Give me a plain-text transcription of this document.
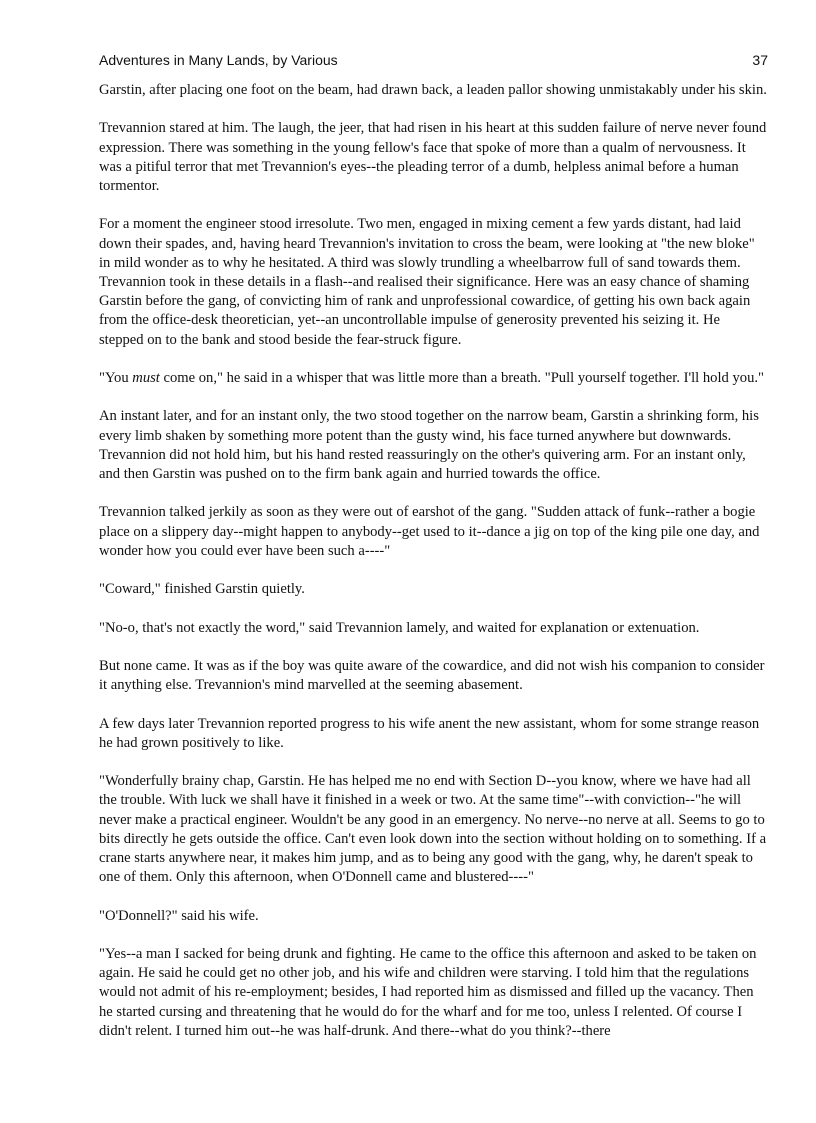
Adventures in Many Lands, by Various	37

Garstin, after placing one foot on the beam, had drawn back, a leaden pallor showing unmistakably under his skin.

Trevannion stared at him. The laugh, the jeer, that had risen in his heart at this sudden failure of nerve never found expression. There was something in the young fellow's face that spoke of more than a qualm of nervousness. It was a pitiful terror that met Trevannion's eyes--the pleading terror of a dumb, helpless animal before a human tormentor.

For a moment the engineer stood irresolute. Two men, engaged in mixing cement a few yards distant, had laid down their spades, and, having heard Trevannion's invitation to cross the beam, were looking at "the new bloke" in mild wonder as to why he hesitated. A third was slowly trundling a wheelbarrow full of sand towards them. Trevannion took in these details in a flash--and realised their significance. Here was an easy chance of shaming Garstin before the gang, of convicting him of rank and unprofessional cowardice, of getting his own back again from the office-desk theoretician, yet--an uncontrollable impulse of generosity prevented his seizing it. He stepped on to the bank and stood beside the fear-struck figure.

"You must come on," he said in a whisper that was little more than a breath. "Pull yourself together. I'll hold you."

An instant later, and for an instant only, the two stood together on the narrow beam, Garstin a shrinking form, his every limb shaken by something more potent than the gusty wind, his face turned anywhere but downwards. Trevannion did not hold him, but his hand rested reassuringly on the other's quivering arm. For an instant only, and then Garstin was pushed on to the firm bank again and hurried towards the office.

Trevannion talked jerkily as soon as they were out of earshot of the gang. "Sudden attack of funk--rather a bogie place on a slippery day--might happen to anybody--get used to it--dance a jig on top of the king pile one day, and wonder how you could ever have been such a----"

"Coward," finished Garstin quietly.

"No-o, that's not exactly the word," said Trevannion lamely, and waited for explanation or extenuation.

But none came. It was as if the boy was quite aware of the cowardice, and did not wish his companion to consider it anything else. Trevannion's mind marvelled at the seeming abasement.

A few days later Trevannion reported progress to his wife anent the new assistant, whom for some strange reason he had grown positively to like.

"Wonderfully brainy chap, Garstin. He has helped me no end with Section D--you know, where we have had all the trouble. With luck we shall have it finished in a week or two. At the same time"--with conviction--"he will never make a practical engineer. Wouldn't be any good in an emergency. No nerve--no nerve at all. Seems to go to bits directly he gets outside the office. Can't even look down into the section without holding on to something. If a crane starts anywhere near, it makes him jump, and as to being any good with the gang, why, he daren't speak to one of them. Only this afternoon, when O'Donnell came and blustered----"

"O'Donnell?" said his wife.

"Yes--a man I sacked for being drunk and fighting. He came to the office this afternoon and asked to be taken on again. He said he could get no other job, and his wife and children were starving. I told him that the regulations would not admit of his re-employment; besides, I had reported him as dismissed and filled up the vacancy. Then he started cursing and threatening that he would do for the wharf and for me too, unless I relented. Of course I didn't relent. I turned him out--he was half-drunk. And there--what do you think?--there
